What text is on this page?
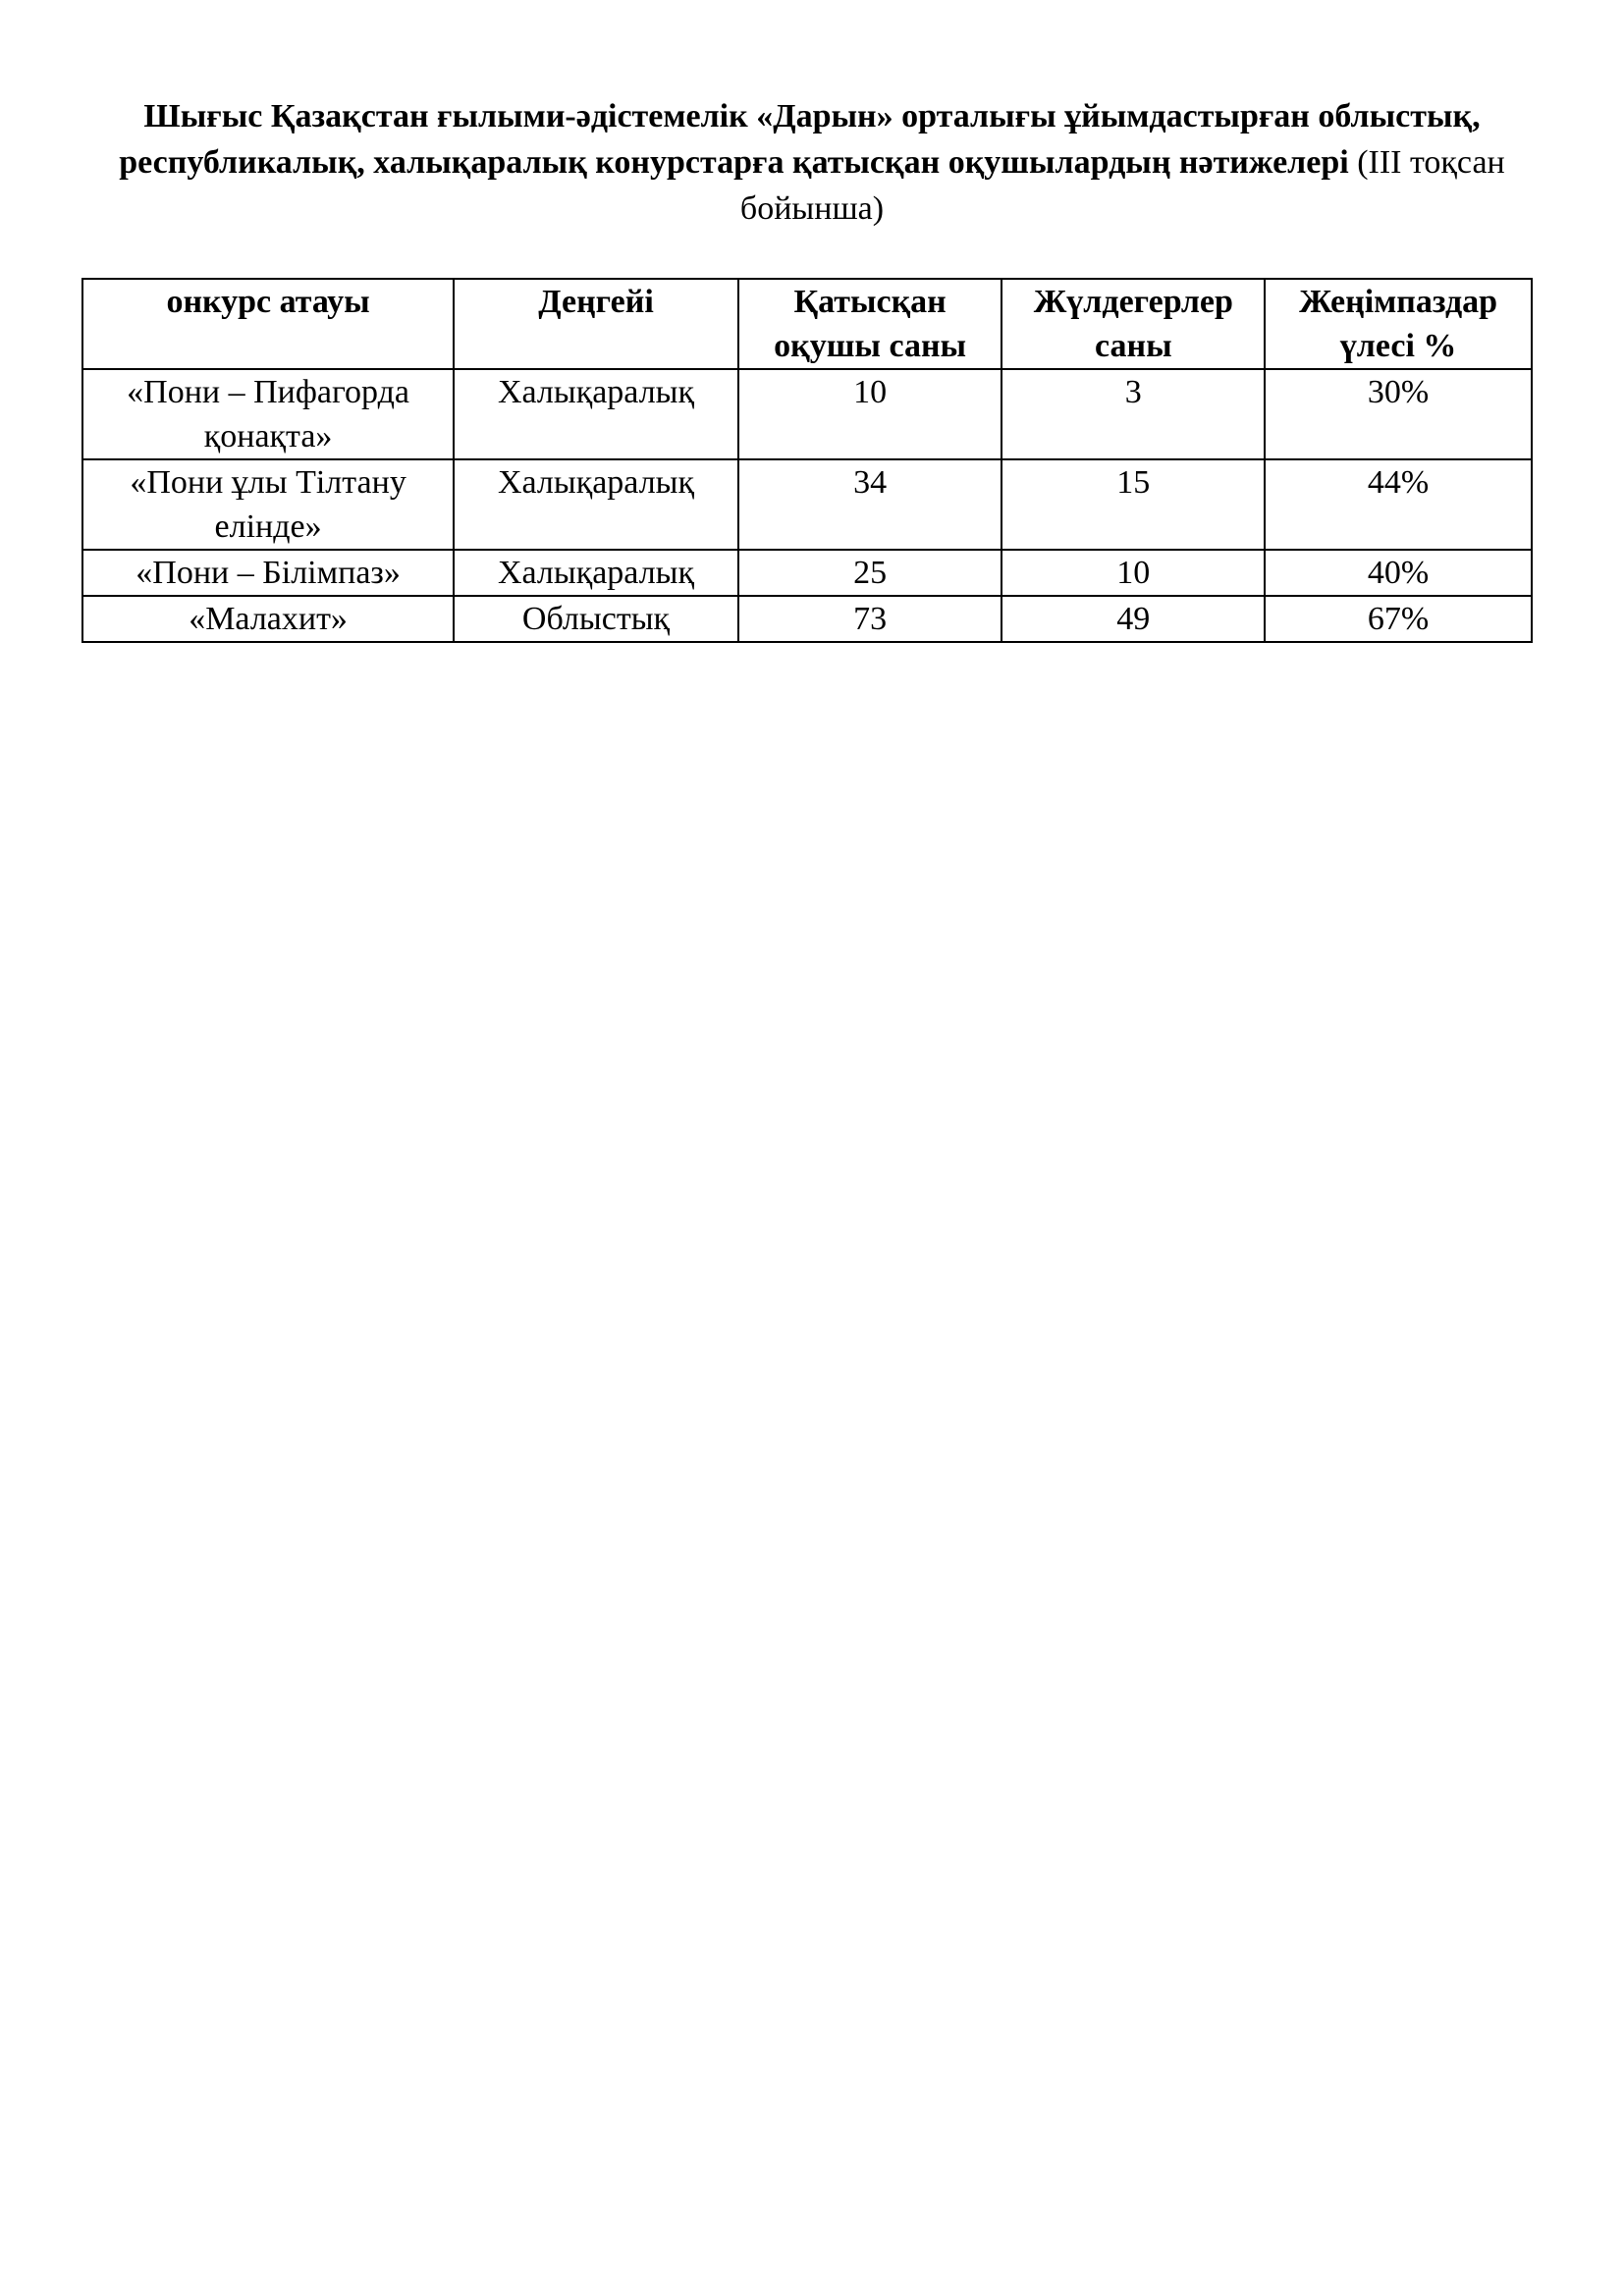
Шығыс Қазақстан ғылыми-әдістемелік «Дарын» орталығы ұйымдастырған облыстық, республикалық, халықаралық конурстарға қатысқан оқушылардың нәтижелері (ІІІ тоқсан бойынша)
онкурс атауы	Деңгейі	Қатысқан оқушы саны	Жүлдегерлер саны	Жеңімпаздар үлесі %
«Пони – Пифагорда қонақта»	Халықаралық	10	3	30%
«Пони ұлы Тілтану елінде»	Халықаралық	34	15	44%
«Пони – Білімпаз»	Халықаралық	25	10	40%
«Малахит»	Облыстық	73	49	67%
